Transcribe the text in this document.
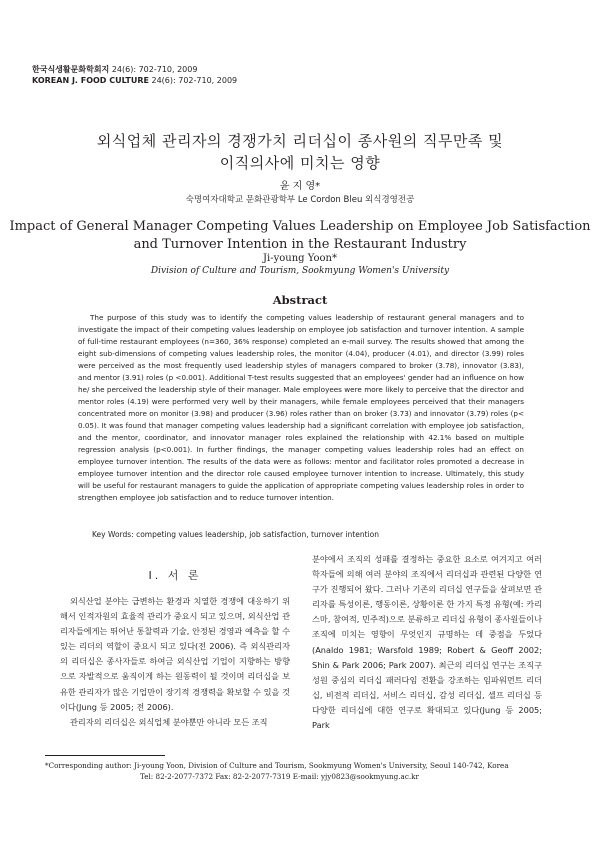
한국식생활문화학회지 24(6): 702-710, 2009
KOREAN J. FOOD CULTURE 24(6): 702-710, 2009
외식업체 관리자의 경쟁가치 리더십이 종사원의 직무만족 및
이직의사에 미치는 영향
윤 지 영*
숙명여자대학교 문화관광학부 Le Cordon Bleu 외식경영전공
Impact of General Manager Competing Values Leadership on Employee Job Satisfaction
and Turnover Intention in the Restaurant Industry
Ji-young Yoon*
Division of Culture and Tourism, Sookmyung Women's University
Abstract
The purpose of this study was to identify the competing values leadership of restaurant general managers and to investigate the impact of their competing values leadership on employee job satisfaction and turnover intention. A sample of full-time restaurant employees (n=360, 36% response) completed an e-mail survey. The results showed that among the eight sub-dimensions of competing values leadership roles, the monitor (4.04), producer (4.01), and director (3.99) roles were perceived as the most frequently used leadership styles of managers compared to broker (3.78), innovator (3.83), and mentor (3.91) roles (p <0.001). Additional T-test results suggested that an employees' gender had an influence on how he/ she perceived the leadership style of their manager. Male employees were more likely to perceive that the director and mentor roles (4.19) were performed very well by their managers, while female employees perceived that their managers concentrated more on monitor (3.98) and producer (3.96) roles rather than on broker (3.73) and innovator (3.79) roles (p< 0.05). It was found that manager competing values leadership had a significant correlation with employee job satisfaction, and the mentor, coordinator, and innovator manager roles explained the relationship with 42.1% based on multiple regression analysis (p<0.001). In further findings, the manager competing values leadership roles had an effect on employee turnover intention. The results of the data were as follows: mentor and facilitator roles promoted a decrease in employee turnover intention and the director role caused employee turnover intention to increase. Ultimately, this study will be useful for restaurant managers to guide the application of appropriate competing values leadership roles in order to strengthen employee job satisfaction and to reduce turnover intention.
Key Words: competing values leadership, job satisfaction, turnover intention
Ⅰ. 서 론

외식산업 분야는 급변하는 환경과 치열한 경쟁에 대응하기 위해서 인적자원의 효율적 관리가 중요시 되고 있으며, 외식산업 관리자들에게는 뛰어난 통찰력과 기술, 안정된 경영과 예측을 할 수 있는 리더의 역할이 중요시 되고 있다(전 2006). 즉 외식관리자의 리더십은 종사자들로 하여금 외식산업 기업이 지향하는 방향으로 자발적으로 움직이게 하는 원동력이 될 것이며 리더십을 보유한 관리자가 많은 기업만이 장기적 경쟁력을 확보할 수 있을 것이다(Jung 등 2005; 전 2006).

관리자의 리더십은 외식업체 분야뿐만 아니라 모든 조직

분야에서 조직의 성패를 결정하는 중요한 요소로 여겨지고 여러 학자들에 의해 여러 분야의 조직에서 리더십과 관련된 다양한 연구가 진행되어 왔다. 그러나 기존의 리더십 연구들을 살펴보면 관리자를 특성이론, 행동이론, 상황이론 한 가지 특정 유형(예: 카리스마, 참여적, 민주적)으로 분류하고 리더십 유형이 종사원들이나 조직에 미치는 영향이 무엇인지 규명하는 데 중점을 두었다(Analdo 1981; Warsfold 1989; Robert & Geoff 2002; Shin & Park 2006; Park 2007). 최근의 리더십 연구는 조직구성원 중심의 리더십 패러다임 전환을 강조하는 임파워먼트 리더십, 비전적 리더십, 서비스 리더십, 감성 리더십, 셀프 리더십 등 다양한 리더십에 대한 연구로 확대되고 있다(Jung 등 2005; Park

*Corresponding author: Ji-young Yoon, Division of Culture and Tourism, Sookmyung Women's University, Seoul 140-742, Korea
Tel: 82-2-2077-7372 Fax: 82-2-2077-7319 E-mail: yjy0823@sookmyung.ac.kr
